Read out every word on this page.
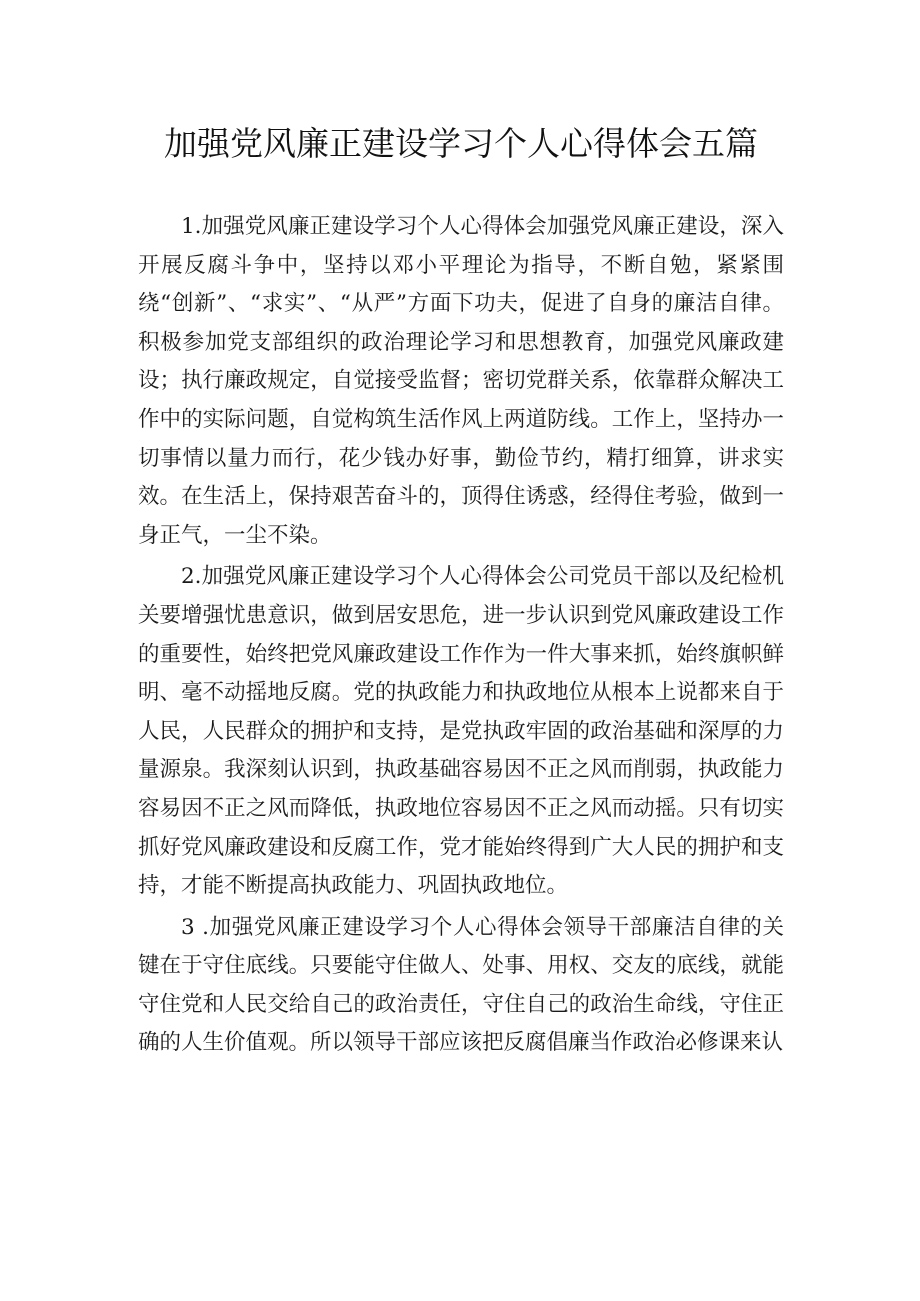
加强党风廉正建设学习个人心得体会五篇

1.加强党风廉正建设学习个人心得体会加强党风廉正建设，深入开展反腐斗争中，坚持以邓小平理论为指导，不断自勉，紧紧围绕“创新”、“求实”、“从严”方面下功夫，促进了自身的廉洁自律。积极参加党支部组织的政治理论学习和思想教育，加强党风廉政建设；执行廉政规定，自觉接受监督；密切党群关系，依靠群众解决工作中的实际问题，自觉构筑生活作风上两道防线。工作上，坚持办一切事情以量力而行，花少钱办好事，勤俭节约，精打细算，讲求实效。在生活上，保持艰苦奋斗的，顶得住诱惑，经得住考验，做到一身正气，一尘不染。

2.加强党风廉正建设学习个人心得体会公司党员干部以及纪检机关要增强忧患意识，做到居安思危，进一步认识到党风廉政建设工作的重要性，始终把党风廉政建设工作作为一件大事来抓，始终旗帜鲜明、毫不动摇地反腐。党的执政能力和执政地位从根本上说都来自于人民，人民群众的拥护和支持，是党执政牢固的政治基础和深厚的力量源泉。我深刻认识到，执政基础容易因不正之风而削弱，执政能力容易因不正之风而降低，执政地位容易因不正之风而动摇。只有切实抓好党风廉政建设和反腐工作，党才能始终得到广大人民的拥护和支持，才能不断提高执政能力、巩固执政地位。

3 .加强党风廉正建设学习个人心得体会领导干部廉洁自律的关键在于守住底线。只要能守住做人、处事、用权、交友的底线，就能守住党和人民交给自己的政治责任，守住自己的政治生命线，守住正确的人生价值观。所以领导干部应该把反腐倡廉当作政治必修课来认
